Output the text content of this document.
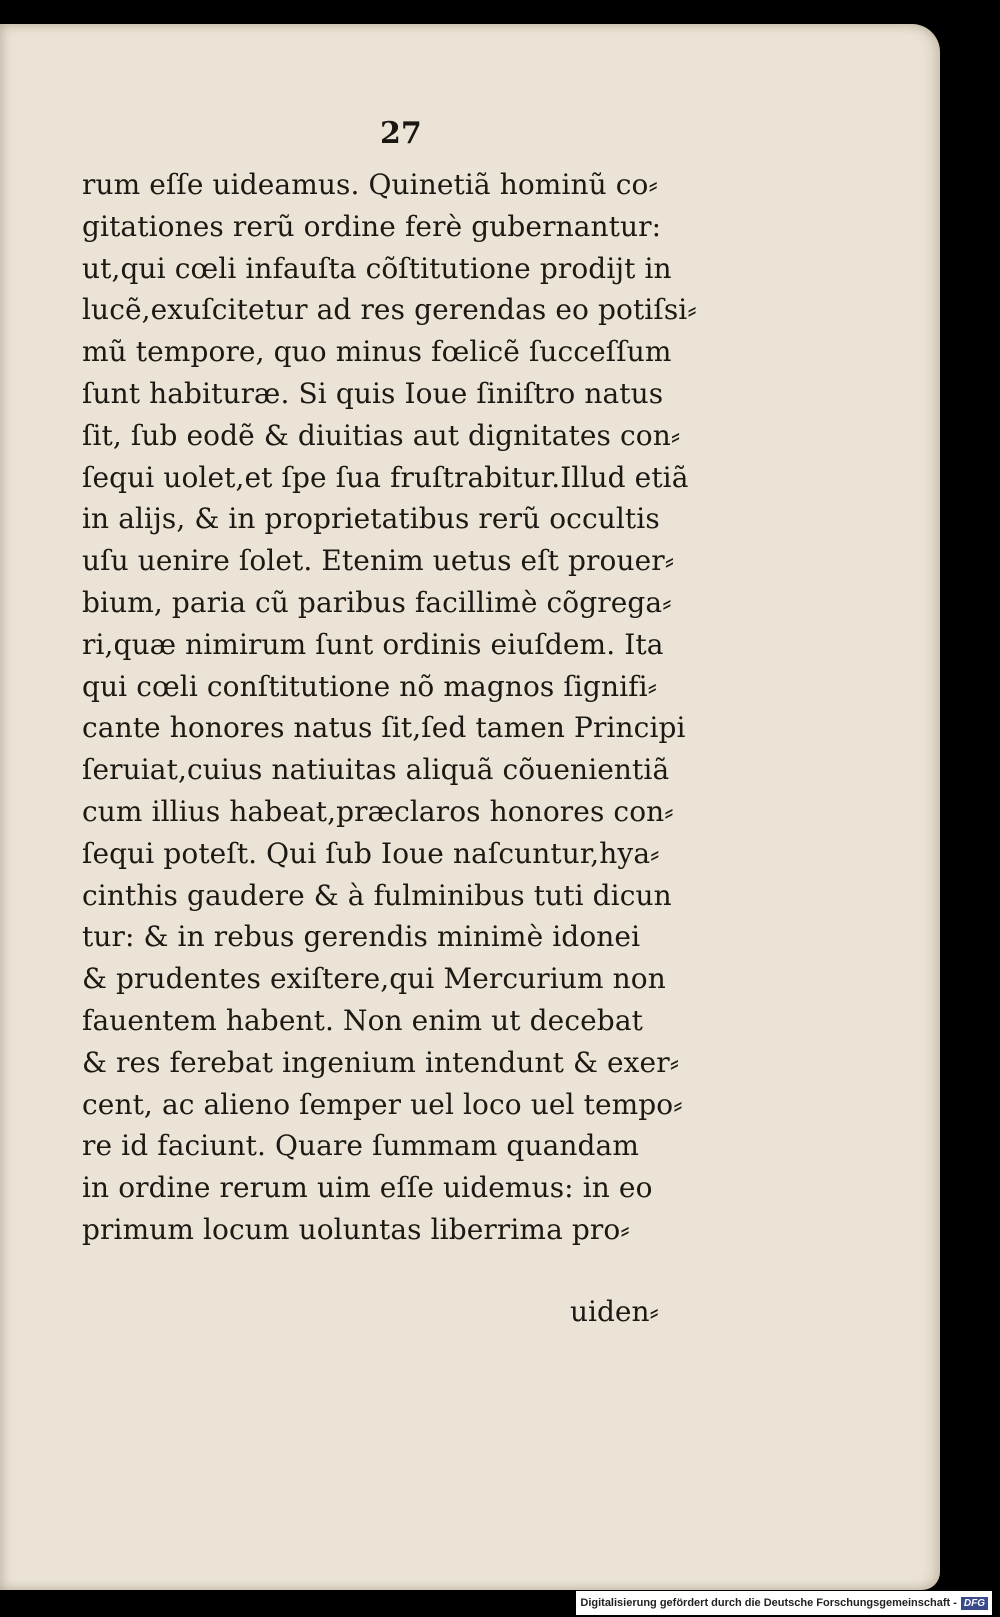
27

rum eſſe uideamus. Quinetiã hominũ co⸗
gitationes rerũ ordine ferè gubernantur:
ut,qui cœli infauſta cõſtitutione prodijt in
lucẽ,exuſcitetur ad res gerendas eo potiſsi⸗
mũ tempore, quo minus fœlicẽ ſucceſſum
ſunt habituræ. Si quis Ioue ſiniſtro natus
ſit, ſub eodẽ & diuitias aut dignitates con⸗
ſequi uolet,et ſpe ſua fruſtrabitur.Illud etiã
in alijs, & in proprietatibus rerũ occultis
uſu uenire ſolet. Etenim uetus eſt prouer⸗
bium, paria cũ paribus facillimè cõgrega⸗
ri,quæ nimirum ſunt ordinis eiuſdem. Ita
qui cœli conſtitutione nõ magnos ſignifi⸗
cante honores natus ſit,ſed tamen Principi
ſeruiat,cuius natiuitas aliquã cõuenientiã
cum illius habeat,præclaros honores con⸗
ſequi poteſt. Qui ſub Ioue naſcuntur,hya⸗
cinthis gaudere & à fulminibus tuti dicun
tur: & in rebus gerendis minimè idonei
& prudentes exiſtere,qui Mercurium non
fauentem habent. Non enim ut decebat
& res ferebat ingenium intendunt & exer⸗
cent, ac alieno ſemper uel loco uel tempo⸗
re id faciunt. Quare ſummam quandam
in ordine rerum uim eſſe uidemus: in eo
primum locum uoluntas liberrima pro⸗
uiden⸗
Digitalisierung gefördert durch die Deutsche Forschungsgemeinschaft - DFG
